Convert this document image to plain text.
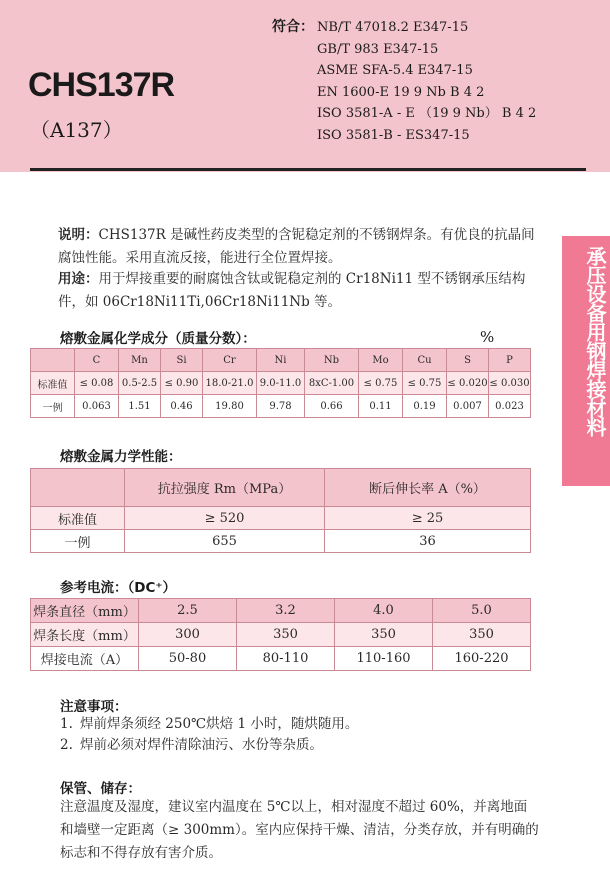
CHS137R
（A137）
符合： NB/T 47018.2 E347-15
GB/T 983 E347-15
ASME SFA-5.4 E347-15
EN 1600-E 19 9 Nb B 4 2
ISO 3581-A - E （19 9 Nb） B 4 2
ISO 3581-B - ES347-15
承压设备用钢焊接材料

说明：CHS137R 是碱性药皮类型的含铌稳定剂的不锈钢焊条。有优良的抗晶间腐蚀性能。采用直流反接，能进行全位置焊接。

用途：用于焊接重要的耐腐蚀含钛或铌稳定剂的 Cr18Ni11 型不锈钢承压结构件，如 06Cr18Ni11Ti,06Cr18Ni11Nb 等。

熔敷金属化学成分（质量分数）：	%
	C	Mn	Si	Cr	Ni	Nb	Mo	Cu	S	P
标准值	≤ 0.08	0.5-2.5	≤ 0.90	18.0-21.0	9.0-11.0	8xC-1.00	≤ 0.75	≤ 0.75	≤ 0.020	≤ 0.030
一例	0.063	1.51	0.46	19.80	9.78	0.66	0.11	0.19	0.007	0.023
熔敷金属力学性能：
	抗拉强度 Rm（MPa）	断后伸长率 A（%）
标准值	≥ 520	≥ 25
一例	655	36
参考电流：（DC⁺）
焊条直径（mm）	2.5	3.2	4.0	5.0
焊条长度（mm）	300	350	350	350
焊接电流（A）	50-80	80-110	110-160	160-220
注意事项：
1. 焊前焊条须经 250℃烘焙 1 小时，随烘随用。
2. 焊前必须对焊件清除油污、水份等杂质。
保管、储存：

注意温度及湿度，建议室内温度在 5℃以上，相对湿度不超过 60%，并离地面和墙壁一定距离（≥ 300mm）。室内应保持干燥、清洁，分类存放，并有明确的标志和不得存放有害介质。
